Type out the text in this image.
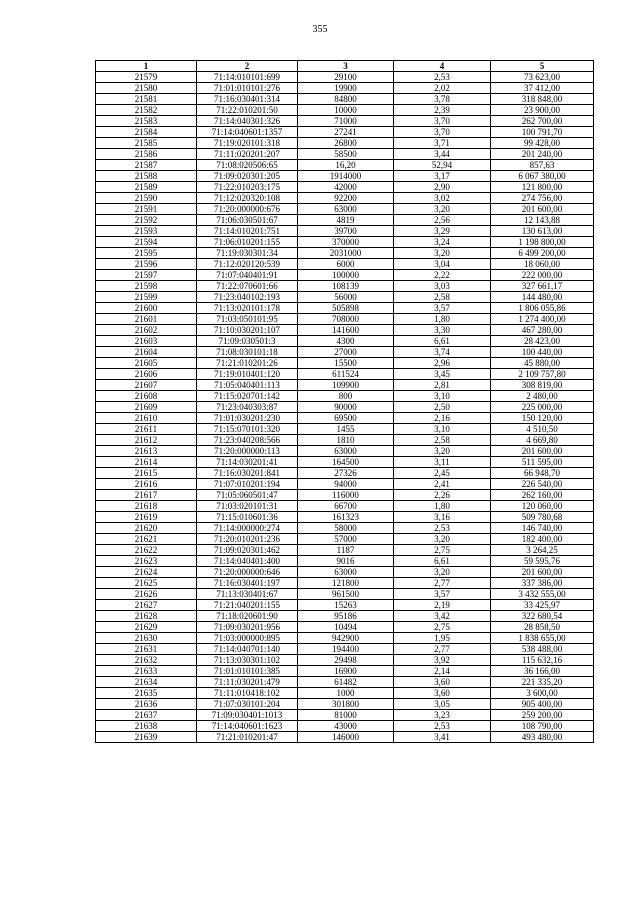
355
1	2	3	4	5
21579	71:14:010101:699	29100	2,53	73 623,00
21580	71:01:010101:276	19900	2,02	37 412,00
21581	71:16:030401:314	84800	3,78	318 848,00
21582	71:22:010201:50	10000	2,39	23 900,00
21583	71:14:040301:326	71000	3,70	262 700,00
21584	71:14:040601:1357	27241	3,70	100 791,70
21585	71:19:020101:318	26800	3,71	99 428,00
21586	71:11:020201:207	58500	3,44	201 240,00
21587	71:08:020506:65	16,20	52,94	857,63
21588	71:09:020301:205	1914000	3,17	6 067 380,00
21589	71:22:010203:175	42000	2,90	121 800,00
21590	71:12:020320:108	92200	3,02	274 756,00
21591	71:20:000000:676	63000	3,20	201 600,00
21592	71:06:030501:67	4819	2,56	12 143,88
21593	71:14:010201:751	39700	3,29	130 613,00
21594	71:06:010201:155	370000	3,24	1 198 800,00
21595	71:19:030301:34	2031000	3,20	6 499 200,00
21596	71:12:020120:539	6000	3,04	18 060,00
21597	71:07:040401:91	100000	2,22	222 000,00
21598	71:22:070601:66	108139	3,03	327 661,17
21599	71:23:040102:193	56000	2,58	144 480,00
21600	71:13:020101:178	505898	3,57	1 806 055,86
21601	71:03:050101:95	708000	1,80	1 274 400,00
21602	71:10:030201:107	141600	3,30	467 280,00
21603	71:09:030501:3	4300	6,61	28 423,00
21604	71:08:030101:18	27000	3,74	100 440,00
21605	71:21:010201:26	15500	2,96	45 880,00
21606	71:19:010401:120	611524	3,45	2 109 757,80
21607	71:05:040401:113	109900	2,81	308 819,00
21608	71:15:020701:142	800	3,10	2 480,00
21609	71:23:040303:87	90000	2,50	225 000,00
21610	71:01:030201:230	69500	2,16	150 120,00
21611	71:15:070101:320	1455	3,10	4 510,50
21612	71:23:040208:566	1810	2,58	4 669,80
21613	71:20:000000:113	63000	3,20	201 600,00
21614	71:14:030201:41	164500	3,11	511 595,00
21615	71:16:030201:841	27326	2,45	66 948,70
21616	71:07:010201:194	94000	2,41	226 540,00
21617	71:05:060501:47	116000	2,26	262 160,00
21618	71:03:020101:31	66700	1,80	120 060,00
21619	71:15:010601:36	161323	3,16	509 780,68
21620	71:14:000000:274	58000	2,53	146 740,00
21621	71:20:010201:236	57000	3,20	182 400,00
21622	71:09:020301:462	1187	2,75	3 264,25
21623	71:14:040401:400	9016	6,61	59 595,76
21624	71:20:000000:646	63000	3,20	201 600,00
21625	71:16:030401:197	121800	2,77	337 386,00
21626	71:13:030401:67	961500	3,57	3 432 555,00
21627	71:21:040201:155	15263	2,19	33 425,97
21628	71:18:020601:90	95186	3,42	322 680,54
21629	71:09:030201:956	10494	2,75	28 858,50
21630	71:03:000000:895	942900	1,95	1 838 655,00
21631	71:14:040701:140	194400	2,77	538 488,00
21632	71:13:030301:102	29498	3,92	115 632,16
21633	71:01:010101:385	16900	2,14	36 166,00
21634	71:11:030201:479	61482	3,60	221 335,20
21635	71:11:010418:102	1000	3,60	3 600,00
21636	71:07:030101:204	301800	3,05	905 400,00
21637	71:09:030401:1013	81000	3,23	259 200,00
21638	71:14:040601:1623	43000	2,53	108 790,00
21639	71:21:010201:47	146000	3,41	493 480,00
